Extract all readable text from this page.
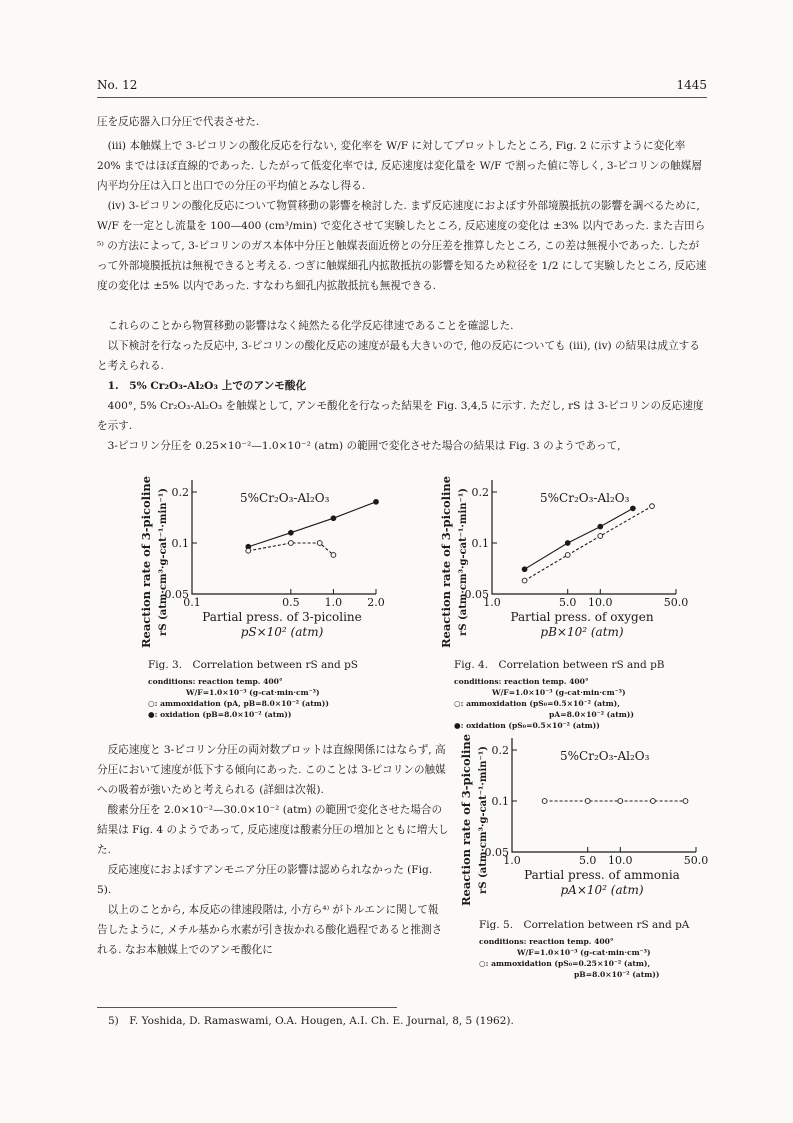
No. 12	1445

圧を反応器入口分圧で代表させた.

(iii) 本触媒上で 3-ピコリンの酸化反応を行ない, 変化率を W/F に対してプロットしたところ, Fig. 2 に示すように変化率 20% まではほぼ直線的であった. したがって低変化率では, 反応速度は変化量を W/F で割った値に等しく, 3-ピコリンの触媒層内平均分圧は入口と出口での分圧の平均値とみなし得る.

(iv) 3-ピコリンの酸化反応について物質移動の影響を検討した. まず反応速度におよぼす外部境膜抵抗の影響を調べるために, W/F を一定とし流量を 100—400 (cm³/min) で変化させて実験したところ, 反応速度の変化は ±3% 以内であった. また吉田ら⁵⁾ の方法によって, 3-ピコリンのガス本体中分圧と触媒表面近傍との分圧差を推算したところ, この差は無視小であった. したがって外部境膜抵抗は無視できると考える. つぎに触媒細孔内拡散抵抗の影響を知るため粒径を 1/2 にして実験したところ, 反応速度の変化は ±5% 以内であった. すなわち細孔内拡散抵抗も無視できる.

これらのことから物質移動の影響はなく純然たる化学反応律速であることを確認した.

以下検討を行なった反応中, 3-ピコリンの酸化反応の速度が最も大きいので, 他の反応についても (iii), (iv) の結果は成立すると考えられる.

1.　5% Cr₂O₃-Al₂O₃ 上でのアンモ酸化

400°, 5% Cr₂O₃-Al₂O₃ を触媒として, アンモ酸化を行なった結果を Fig. 3,4,5 に示す. ただし, rS は 3-ピコリンの反応速度を示す.

3-ピコリン分圧を 0.25×10⁻²—1.0×10⁻² (atm) の範囲で変化させた場合の結果は Fig. 3 のようであって,

0.05
0.1
0.2
0.1	0.5 1.0 2.0
5%Cr₂O₃-Al₂O₃
Partial press. of 3-picoline
pS×10² (atm)
Reaction rate of 3-picoline rS (atm·cm³·g-cat⁻¹·min⁻¹)
Fig. 3.　Correlation between rS and pS
conditions: reaction temp. 400°
W/F=1.0×10⁻³ (g-cat·min·cm⁻³)
○: ammoxidation (pA, pB=8.0×10⁻² (atm))
●: oxidation (pB=8.0×10⁻² (atm))
0.05
0.1
0.2
1.0	5.0 10.0	50.0
5%Cr₂O₃-Al₂O₃
Partial press. of oxygen
pB×10² (atm)
Reaction rate of 3-picoline rS (atm·cm³·g-cat⁻¹·min⁻¹)
Fig. 4.　Correlation between rS and pB
conditions: reaction temp. 400°
W/F=1.0×10⁻³ (g-cat·min·cm⁻³)
○: ammoxidation (pS₀=0.5×10⁻² (atm),
pA=8.0×10⁻² (atm))
●: oxidation (pS₀=0.5×10⁻² (atm))

反応速度と 3-ピコリン分圧の両対数プロットは直線関係にはならず, 高分圧において速度が低下する傾向にあった. このことは 3-ピコリンの触媒への吸着が強いためと考えられる (詳細は次報).

酸素分圧を 2.0×10⁻²—30.0×10⁻² (atm) の範囲で変化させた場合の結果は Fig. 4 のようであって, 反応速度は酸素分圧の増加とともに増大した.

反応速度におよぼすアンモニア分圧の影響は認められなかった (Fig. 5).

以上のことから, 本反応の律速段階は, 小方ら⁴⁾ がトルエンに関して報告したように, メチル基から水素が引き抜かれる酸化過程であると推測される. なお本触媒上でのアンモ酸化に

0.05
0.1
0.2
1.0	5.0 10.0	50.0
5%Cr₂O₃-Al₂O₃
Partial press. of ammonia
pA×10² (atm)
Reaction rate of 3-picoline rS (atm·cm³·g-cat⁻¹·min⁻¹)
Fig. 5.　Correlation between rS and pA
conditions: reaction temp. 400°
W/F=1.0×10⁻³ (g-cat·min·cm⁻³)
○: ammoxidation (pS₀=0.25×10⁻² (atm),
pB=8.0×10⁻² (atm))
5)　F. Yoshida, D. Ramaswami, O.A. Hougen, A.I. Ch. E. Journal, 8, 5 (1962).
